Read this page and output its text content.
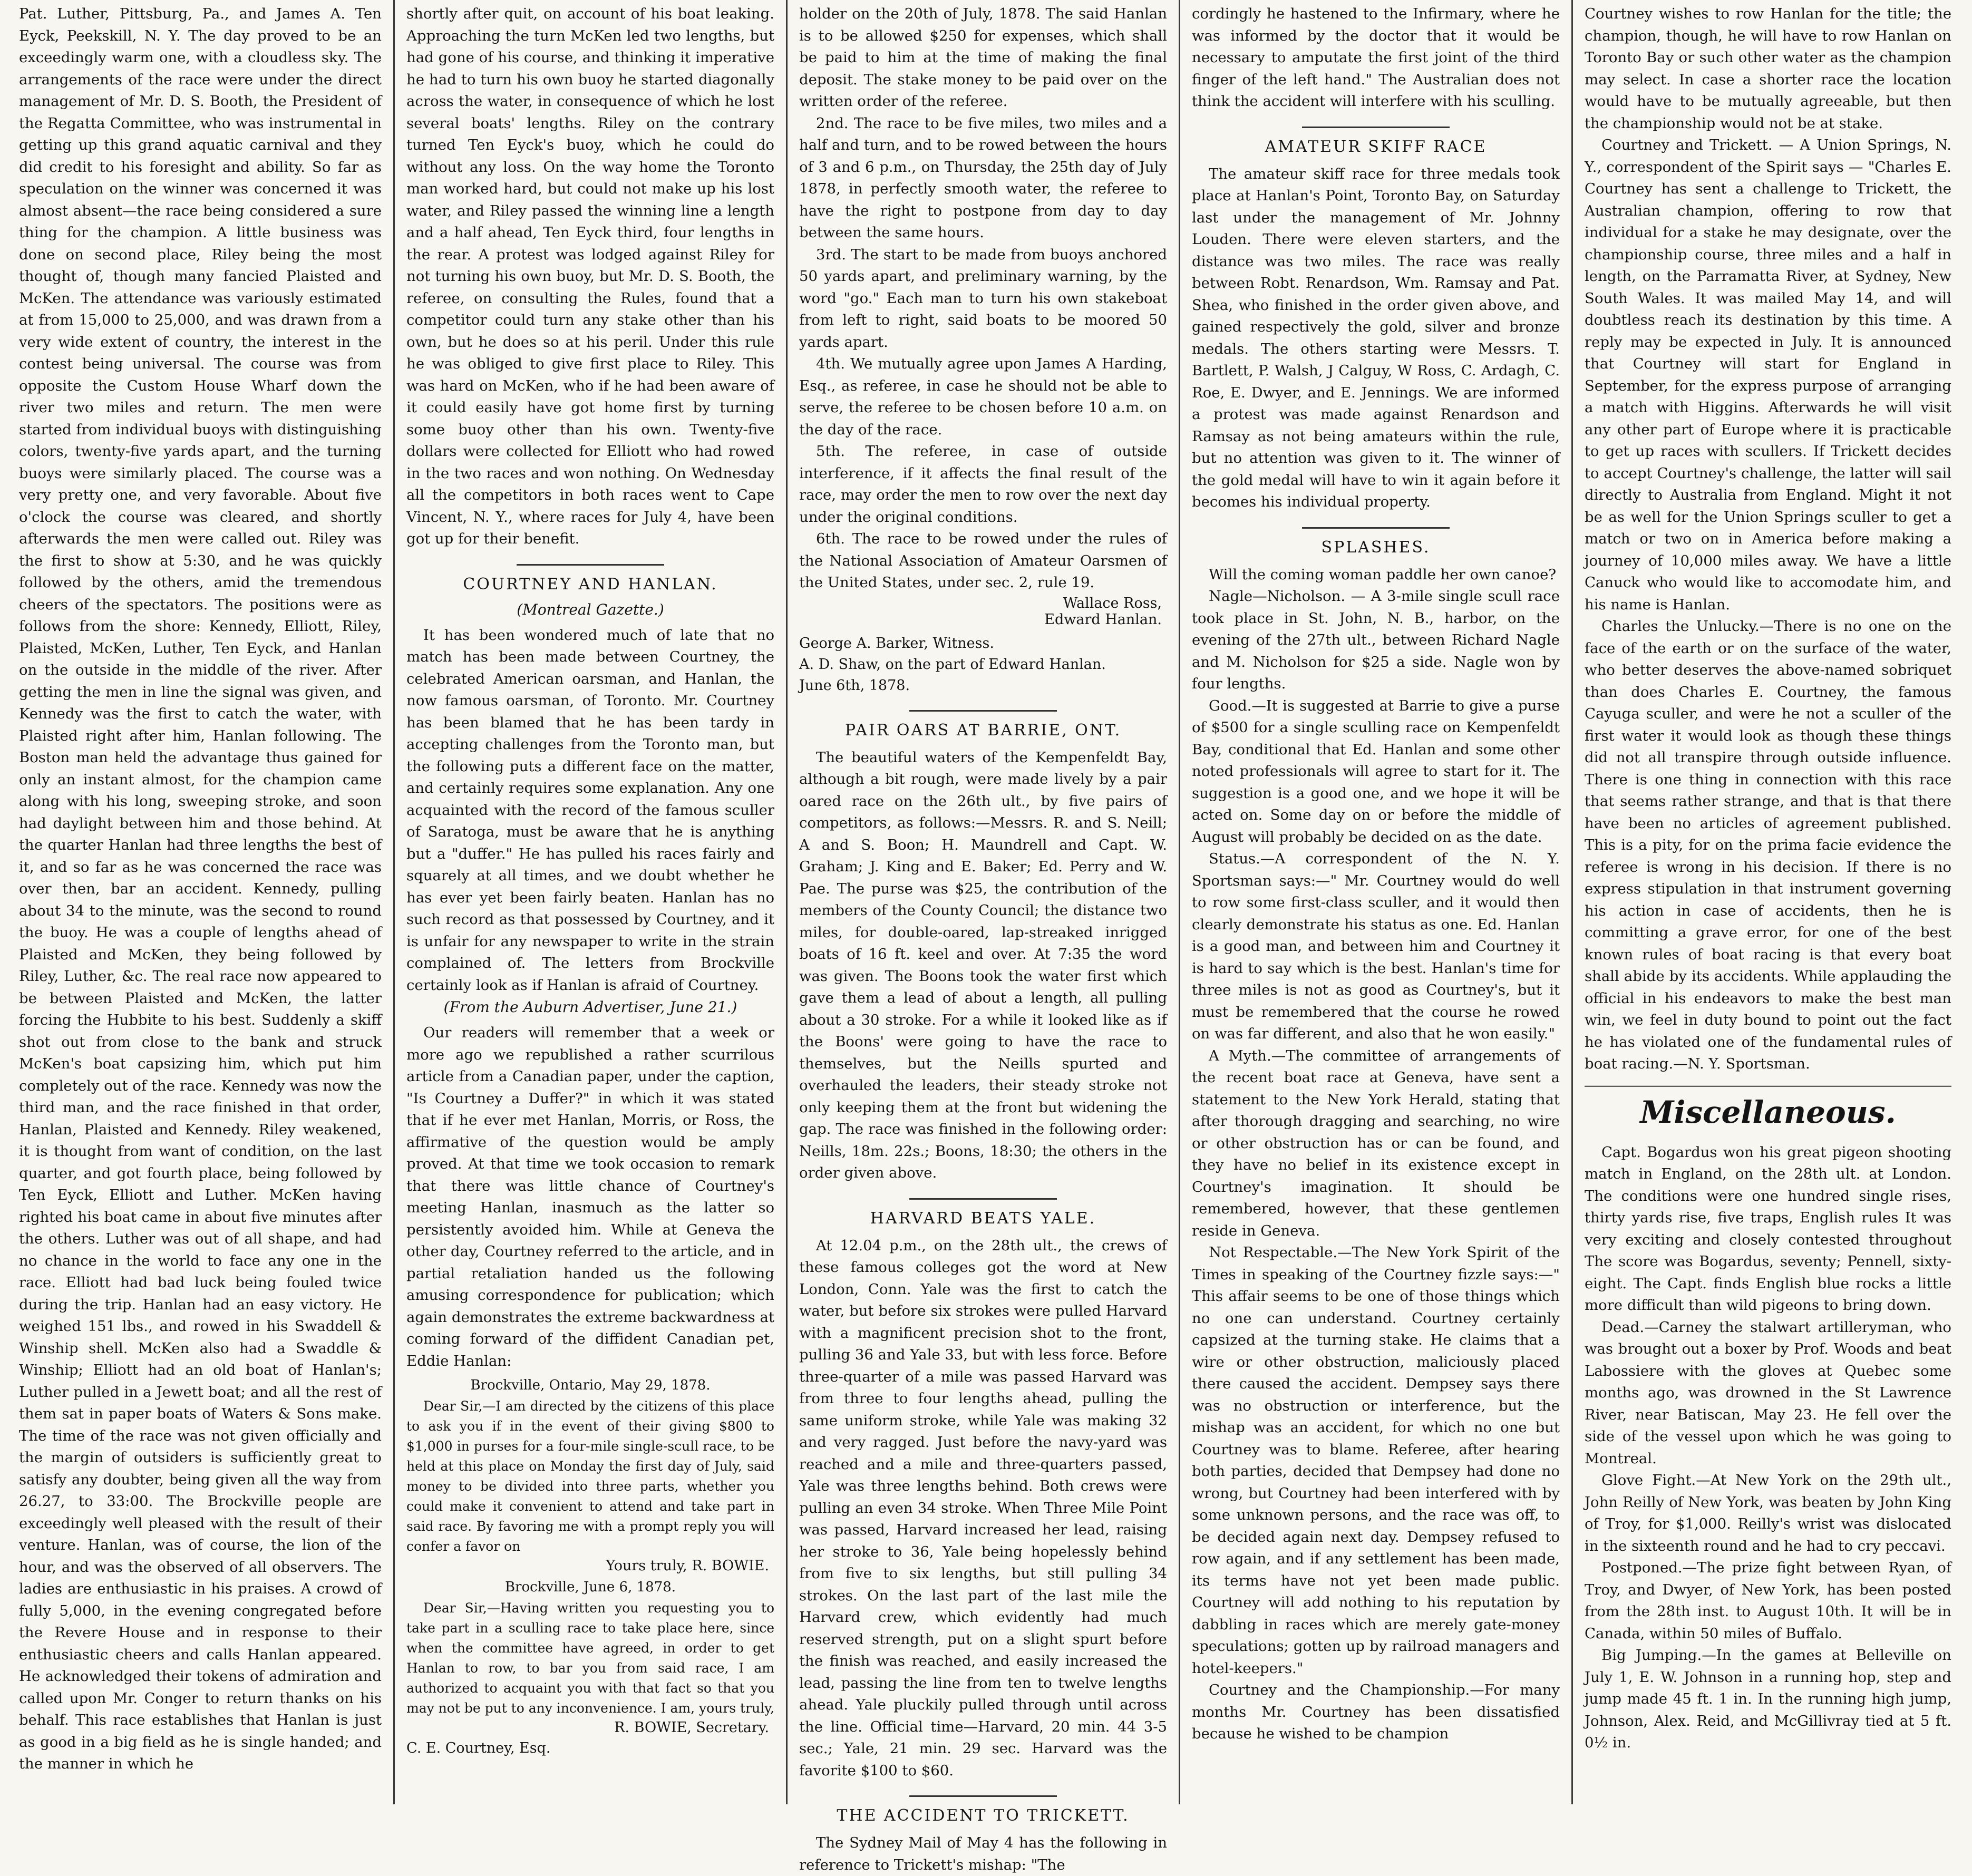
Pat. Luther, Pittsburg, Pa., and James A. Ten Eyck, Peekskill, N. Y. The day proved to be an exceedingly warm one, with a cloudless sky. The arrangements of the race were under the direct management of Mr. D. S. Booth, the President of the Regatta Committee, who was instrumental in getting up this grand aquatic carnival and they did credit to his foresight and ability. So far as speculation on the winner was concerned it was almost absent—the race being considered a sure thing for the champion. A little business was done on second place, Riley being the most thought of, though many fancied Plaisted and McKen. The attendance was variously estimated at from 15,000 to 25,000, and was drawn from a very wide extent of country, the interest in the contest being universal. The course was from opposite the Custom House Wharf down the river two miles and return. The men were started from individual buoys with distinguishing colors, twenty-five yards apart, and the turning buoys were similarly placed. The course was a very pretty one, and very favorable. About five o'clock the course was cleared, and shortly afterwards the men were called out. Riley was the first to show at 5:30, and he was quickly followed by the others, amid the tremendous cheers of the spectators. The positions were as follows from the shore: Kennedy, Elliott, Riley, Plaisted, McKen, Luther, Ten Eyck, and Hanlan on the outside in the middle of the river. After getting the men in line the signal was given, and Kennedy was the first to catch the water, with Plaisted right after him, Hanlan following. The Boston man held the advantage thus gained for only an instant almost, for the champion came along with his long, sweeping stroke, and soon had daylight between him and those behind. At the quarter Hanlan had three lengths the best of it, and so far as he was concerned the race was over then, bar an accident. Kennedy, pulling about 34 to the minute, was the second to round the buoy. He was a couple of lengths ahead of Plaisted and McKen, they being followed by Riley, Luther, &c. The real race now appeared to be between Plaisted and McKen, the latter forcing the Hubbite to his best. Suddenly a skiff shot out from close to the bank and struck McKen's boat capsizing him, which put him completely out of the race. Kennedy was now the third man, and the race finished in that order, Hanlan, Plaisted and Kennedy. Riley weakened, it is thought from want of condition, on the last quarter, and got fourth place, being followed by Ten Eyck, Elliott and Luther. McKen having righted his boat came in about five minutes after the others. Luther was out of all shape, and had no chance in the world to face any one in the race. Elliott had bad luck being fouled twice during the trip. Hanlan had an easy victory. He weighed 151 lbs., and rowed in his Swaddell & Winship shell. McKen also had a Swaddle & Winship; Elliott had an old boat of Hanlan's; Luther pulled in a Jewett boat; and all the rest of them sat in paper boats of Waters & Sons make. The time of the race was not given officially and the margin of outsiders is sufficiently great to satisfy any doubter, being given all the way from 26.27, to 33:00. The Brockville people are exceedingly well pleased with the result of their venture. Hanlan, was of course, the lion of the hour, and was the observed of all observers. The ladies are enthusiastic in his praises. A crowd of fully 5,000, in the evening congregated before the Revere House and in response to their enthusiastic cheers and calls Hanlan appeared. He acknowledged their tokens of admiration and called upon Mr. Conger to return thanks on his behalf. This race establishes that Hanlan is just as good in a big field as he is single handed; and the manner in which he

shortly after quit, on account of his boat leaking. Approaching the turn McKen led two lengths, but had gone of his course, and thinking it imperative he had to turn his own buoy he started diagonally across the water, in consequence of which he lost several boats' lengths. Riley on the contrary turned Ten Eyck's buoy, which he could do without any loss. On the way home the Toronto man worked hard, but could not make up his lost water, and Riley passed the winning line a length and a half ahead, Ten Eyck third, four lengths in the rear. A protest was lodged against Riley for not turning his own buoy, but Mr. D. S. Booth, the referee, on consulting the Rules, found that a competitor could turn any stake other than his own, but he does so at his peril. Under this rule he was obliged to give first place to Riley. This was hard on McKen, who if he had been aware of it could easily have got home first by turning some buoy other than his own. Twenty-five dollars were collected for Elliott who had rowed in the two races and won nothing. On Wednesday all the competitors in both races went to Cape Vincent, N. Y., where races for July 4, have been got up for their benefit.

COURTNEY AND HANLAN.
(Montreal Gazette.)

It has been wondered much of late that no match has been made between Courtney, the celebrated American oarsman, and Hanlan, the now famous oarsman, of Toronto. Mr. Courtney has been blamed that he has been tardy in accepting challenges from the Toronto man, but the following puts a different face on the matter, and certainly requires some explanation. Any one acquainted with the record of the famous sculler of Saratoga, must be aware that he is anything but a "duffer." He has pulled his races fairly and squarely at all times, and we doubt whether he has ever yet been fairly beaten. Hanlan has no such record as that possessed by Courtney, and it is unfair for any newspaper to write in the strain complained of. The letters from Brockville certainly look as if Hanlan is afraid of Courtney.

(From the Auburn Advertiser, June 21.)

Our readers will remember that a week or more ago we republished a rather scurrilous article from a Canadian paper, under the caption, "Is Courtney a Duffer?" in which it was stated that if he ever met Hanlan, Morris, or Ross, the affirmative of the question would be amply proved. At that time we took occasion to remark that there was little chance of Courtney's meeting Hanlan, inasmuch as the latter so persistently avoided him. While at Geneva the other day, Courtney referred to the article, and in partial retaliation handed us the following amusing correspondence for publication; which again demonstrates the extreme backwardness at coming forward of the diffident Canadian pet, Eddie Hanlan:

Brockville, Ontario, May 29, 1878.

Dear Sir,—I am directed by the citizens of this place to ask you if in the event of their giving $800 to $1,000 in purses for a four-mile single-scull race, to be held at this place on Monday the first day of July, said money to be divided into three parts, whether you could make it convenient to attend and take part in said race. By favoring me with a prompt reply you will confer a favor on

Yours truly, R. BOWIE.
Brockville, June 6, 1878.

Dear Sir,—Having written you requesting you to take part in a sculling race to take place here, since when the committee have agreed, in order to get Hanlan to row, to bar you from said race, I am authorized to acquaint you with that fact so that you may not be put to any inconvenience. I am, yours truly,

R. BOWIE, Secretary.
C. E. Courtney, Esq.

holder on the 20th of July, 1878. The said Hanlan is to be allowed $250 for expenses, which shall be paid to him at the time of making the final deposit. The stake money to be paid over on the written order of the referee.

2nd. The race to be five miles, two miles and a half and turn, and to be rowed between the hours of 3 and 6 p.m., on Thursday, the 25th day of July 1878, in perfectly smooth water, the referee to have the right to postpone from day to day between the same hours.

3rd. The start to be made from buoys anchored 50 yards apart, and preliminary warning, by the word "go." Each man to turn his own stakeboat from left to right, said boats to be moored 50 yards apart.

4th. We mutually agree upon James A Harding, Esq., as referee, in case he should not be able to serve, the referee to be chosen before 10 a.m. on the day of the race.

5th. The referee, in case of outside interference, if it affects the final result of the race, may order the men to row over the next day under the original conditions.

6th. The race to be rowed under the rules of the National Association of Amateur Oarsmen of the United States, under sec. 2, rule 19.

Wallace Ross,
Edward Hanlan.
George A. Barker, Witness.
A. D. Shaw, on the part of Edward Hanlan.
June 6th, 1878.
PAIR OARS AT BARRIE, ONT.

The beautiful waters of the Kempenfeldt Bay, although a bit rough, were made lively by a pair oared race on the 26th ult., by five pairs of competitors, as follows:—Messrs. R. and S. Neill; A and S. Boon; H. Maundrell and Capt. W. Graham; J. King and E. Baker; Ed. Perry and W. Pae. The purse was $25, the contribution of the members of the County Council; the distance two miles, for double-oared, lap-streaked inrigged boats of 16 ft. keel and over. At 7:35 the word was given. The Boons took the water first which gave them a lead of about a length, all pulling about a 30 stroke. For a while it looked like as if the Boons' were going to have the race to themselves, but the Neills spurted and overhauled the leaders, their steady stroke not only keeping them at the front but widening the gap. The race was finished in the following order: Neills, 18m. 22s.; Boons, 18:30; the others in the order given above.

HARVARD BEATS YALE.

At 12.04 p.m., on the 28th ult., the crews of these famous colleges got the word at New London, Conn. Yale was the first to catch the water, but before six strokes were pulled Harvard with a magnificent precision shot to the front, pulling 36 and Yale 33, but with less force. Before three-quarter of a mile was passed Harvard was from three to four lengths ahead, pulling the same uniform stroke, while Yale was making 32 and very ragged. Just before the navy-yard was reached and a mile and three-quarters passed, Yale was three lengths behind. Both crews were pulling an even 34 stroke. When Three Mile Point was passed, Harvard increased her lead, raising her stroke to 36, Yale being hopelessly behind from five to six lengths, but still pulling 34 strokes. On the last part of the last mile the Harvard crew, which evidently had much reserved strength, put on a slight spurt before the finish was reached, and easily increased the lead, passing the line from ten to twelve lengths ahead. Yale pluckily pulled through until across the line. Official time—Harvard, 20 min. 44 3-5 sec.; Yale, 21 min. 29 sec. Harvard was the favorite $100 to $60.

THE ACCIDENT TO TRICKETT.

The Sydney Mail of May 4 has the following in reference to Trickett's mishap: "The

cordingly he hastened to the Infirmary, where he was informed by the doctor that it would be necessary to amputate the first joint of the third finger of the left hand." The Australian does not think the accident will interfere with his sculling.

AMATEUR SKIFF RACE

The amateur skiff race for three medals took place at Hanlan's Point, Toronto Bay, on Saturday last under the management of Mr. Johnny Louden. There were eleven starters, and the distance was two miles. The race was really between Robt. Renardson, Wm. Ramsay and Pat. Shea, who finished in the order given above, and gained respectively the gold, silver and bronze medals. The others starting were Messrs. T. Bartlett, P. Walsh, J Calguy, W Ross, C. Ardagh, C. Roe, E. Dwyer, and E. Jennings. We are informed a protest was made against Renardson and Ramsay as not being amateurs within the rule, but no attention was given to it. The winner of the gold medal will have to win it again before it becomes his individual property.

SPLASHES.

Will the coming woman paddle her own canoe?

Nagle—Nicholson. — A 3-mile single scull race took place in St. John, N. B., harbor, on the evening of the 27th ult., between Richard Nagle and M. Nicholson for $25 a side. Nagle won by four lengths.

Good.—It is suggested at Barrie to give a purse of $500 for a single sculling race on Kempenfeldt Bay, conditional that Ed. Hanlan and some other noted professionals will agree to start for it. The suggestion is a good one, and we hope it will be acted on. Some day on or before the middle of August will probably be decided on as the date.

Status.—A correspondent of the N. Y. Sportsman says:—" Mr. Courtney would do well to row some first-class sculler, and it would then clearly demonstrate his status as one. Ed. Hanlan is a good man, and between him and Courtney it is hard to say which is the best. Hanlan's time for three miles is not as good as Courtney's, but it must be remembered that the course he rowed on was far different, and also that he won easily."

A Myth.—The committee of arrangements of the recent boat race at Geneva, have sent a statement to the New York Herald, stating that after thorough dragging and searching, no wire or other obstruction has or can be found, and they have no belief in its existence except in Courtney's imagination. It should be remembered, however, that these gentlemen reside in Geneva.

Not Respectable.—The New York Spirit of the Times in speaking of the Courtney fizzle says:—" This affair seems to be one of those things which no one can understand. Courtney certainly capsized at the turning stake. He claims that a wire or other obstruction, maliciously placed there caused the accident. Dempsey says there was no obstruction or interference, but the mishap was an accident, for which no one but Courtney was to blame. Referee, after hearing both parties, decided that Dempsey had done no wrong, but Courtney had been interfered with by some unknown persons, and the race was off, to be decided again next day. Dempsey refused to row again, and if any settlement has been made, its terms have not yet been made public. Courtney will add nothing to his reputation by dabbling in races which are merely gate-money speculations; gotten up by railroad managers and hotel-keepers."

Courtney and the Championship.—For many months Mr. Courtney has been dissatisfied because he wished to be champion

Courtney wishes to row Hanlan for the title; the champion, though, he will have to row Hanlan on Toronto Bay or such other water as the champion may select. In case a shorter race the location would have to be mutually agreeable, but then the championship would not be at stake.

Courtney and Trickett. — A Union Springs, N. Y., correspondent of the Spirit says — "Charles E. Courtney has sent a challenge to Trickett, the Australian champion, offering to row that individual for a stake he may designate, over the championship course, three miles and a half in length, on the Parramatta River, at Sydney, New South Wales. It was mailed May 14, and will doubtless reach its destination by this time. A reply may be expected in July. It is announced that Courtney will start for England in September, for the express purpose of arranging a match with Higgins. Afterwards he will visit any other part of Europe where it is practicable to get up races with scullers. If Trickett decides to accept Courtney's challenge, the latter will sail directly to Australia from England. Might it not be as well for the Union Springs sculler to get a match or two on in America before making a journey of 10,000 miles away. We have a little Canuck who would like to accomodate him, and his name is Hanlan.

Charles the Unlucky.—There is no one on the face of the earth or on the surface of the water, who better deserves the above-named sobriquet than does Charles E. Courtney, the famous Cayuga sculler, and were he not a sculler of the first water it would look as though these things did not all transpire through outside influence. There is one thing in connection with this race that seems rather strange, and that is that there have been no articles of agreement published. This is a pity, for on the prima facie evidence the referee is wrong in his decision. If there is no express stipulation in that instrument governing his action in case of accidents, then he is committing a grave error, for one of the best known rules of boat racing is that every boat shall abide by its accidents. While applauding the official in his endeavors to make the best man win, we feel in duty bound to point out the fact he has violated one of the fundamental rules of boat racing.—N. Y. Sportsman.

Miscellaneous.

Capt. Bogardus won his great pigeon shooting match in England, on the 28th ult. at London. The conditions were one hundred single rises, thirty yards rise, five traps, English rules It was very exciting and closely contested throughout The score was Bogardus, seventy; Pennell, sixty-eight. The Capt. finds English blue rocks a little more difficult than wild pigeons to bring down.

Dead.—Carney the stalwart artilleryman, who was brought out a boxer by Prof. Woods and beat Labossiere with the gloves at Quebec some months ago, was drowned in the St Lawrence River, near Batiscan, May 23. He fell over the side of the vessel upon which he was going to Montreal.

Glove Fight.—At New York on the 29th ult., John Reilly of New York, was beaten by John King of Troy, for $1,000. Reilly's wrist was dislocated in the sixteenth round and he had to cry peccavi.

Postponed.—The prize fight between Ryan, of Troy, and Dwyer, of New York, has been posted from the 28th inst. to August 10th. It will be in Canada, within 50 miles of Buffalo.

Big Jumping.—In the games at Belleville on July 1, E. W. Johnson in a running hop, step and jump made 45 ft. 1 in. In the running high jump, Johnson, Alex. Reid, and McGillivray tied at 5 ft. 0½ in.
